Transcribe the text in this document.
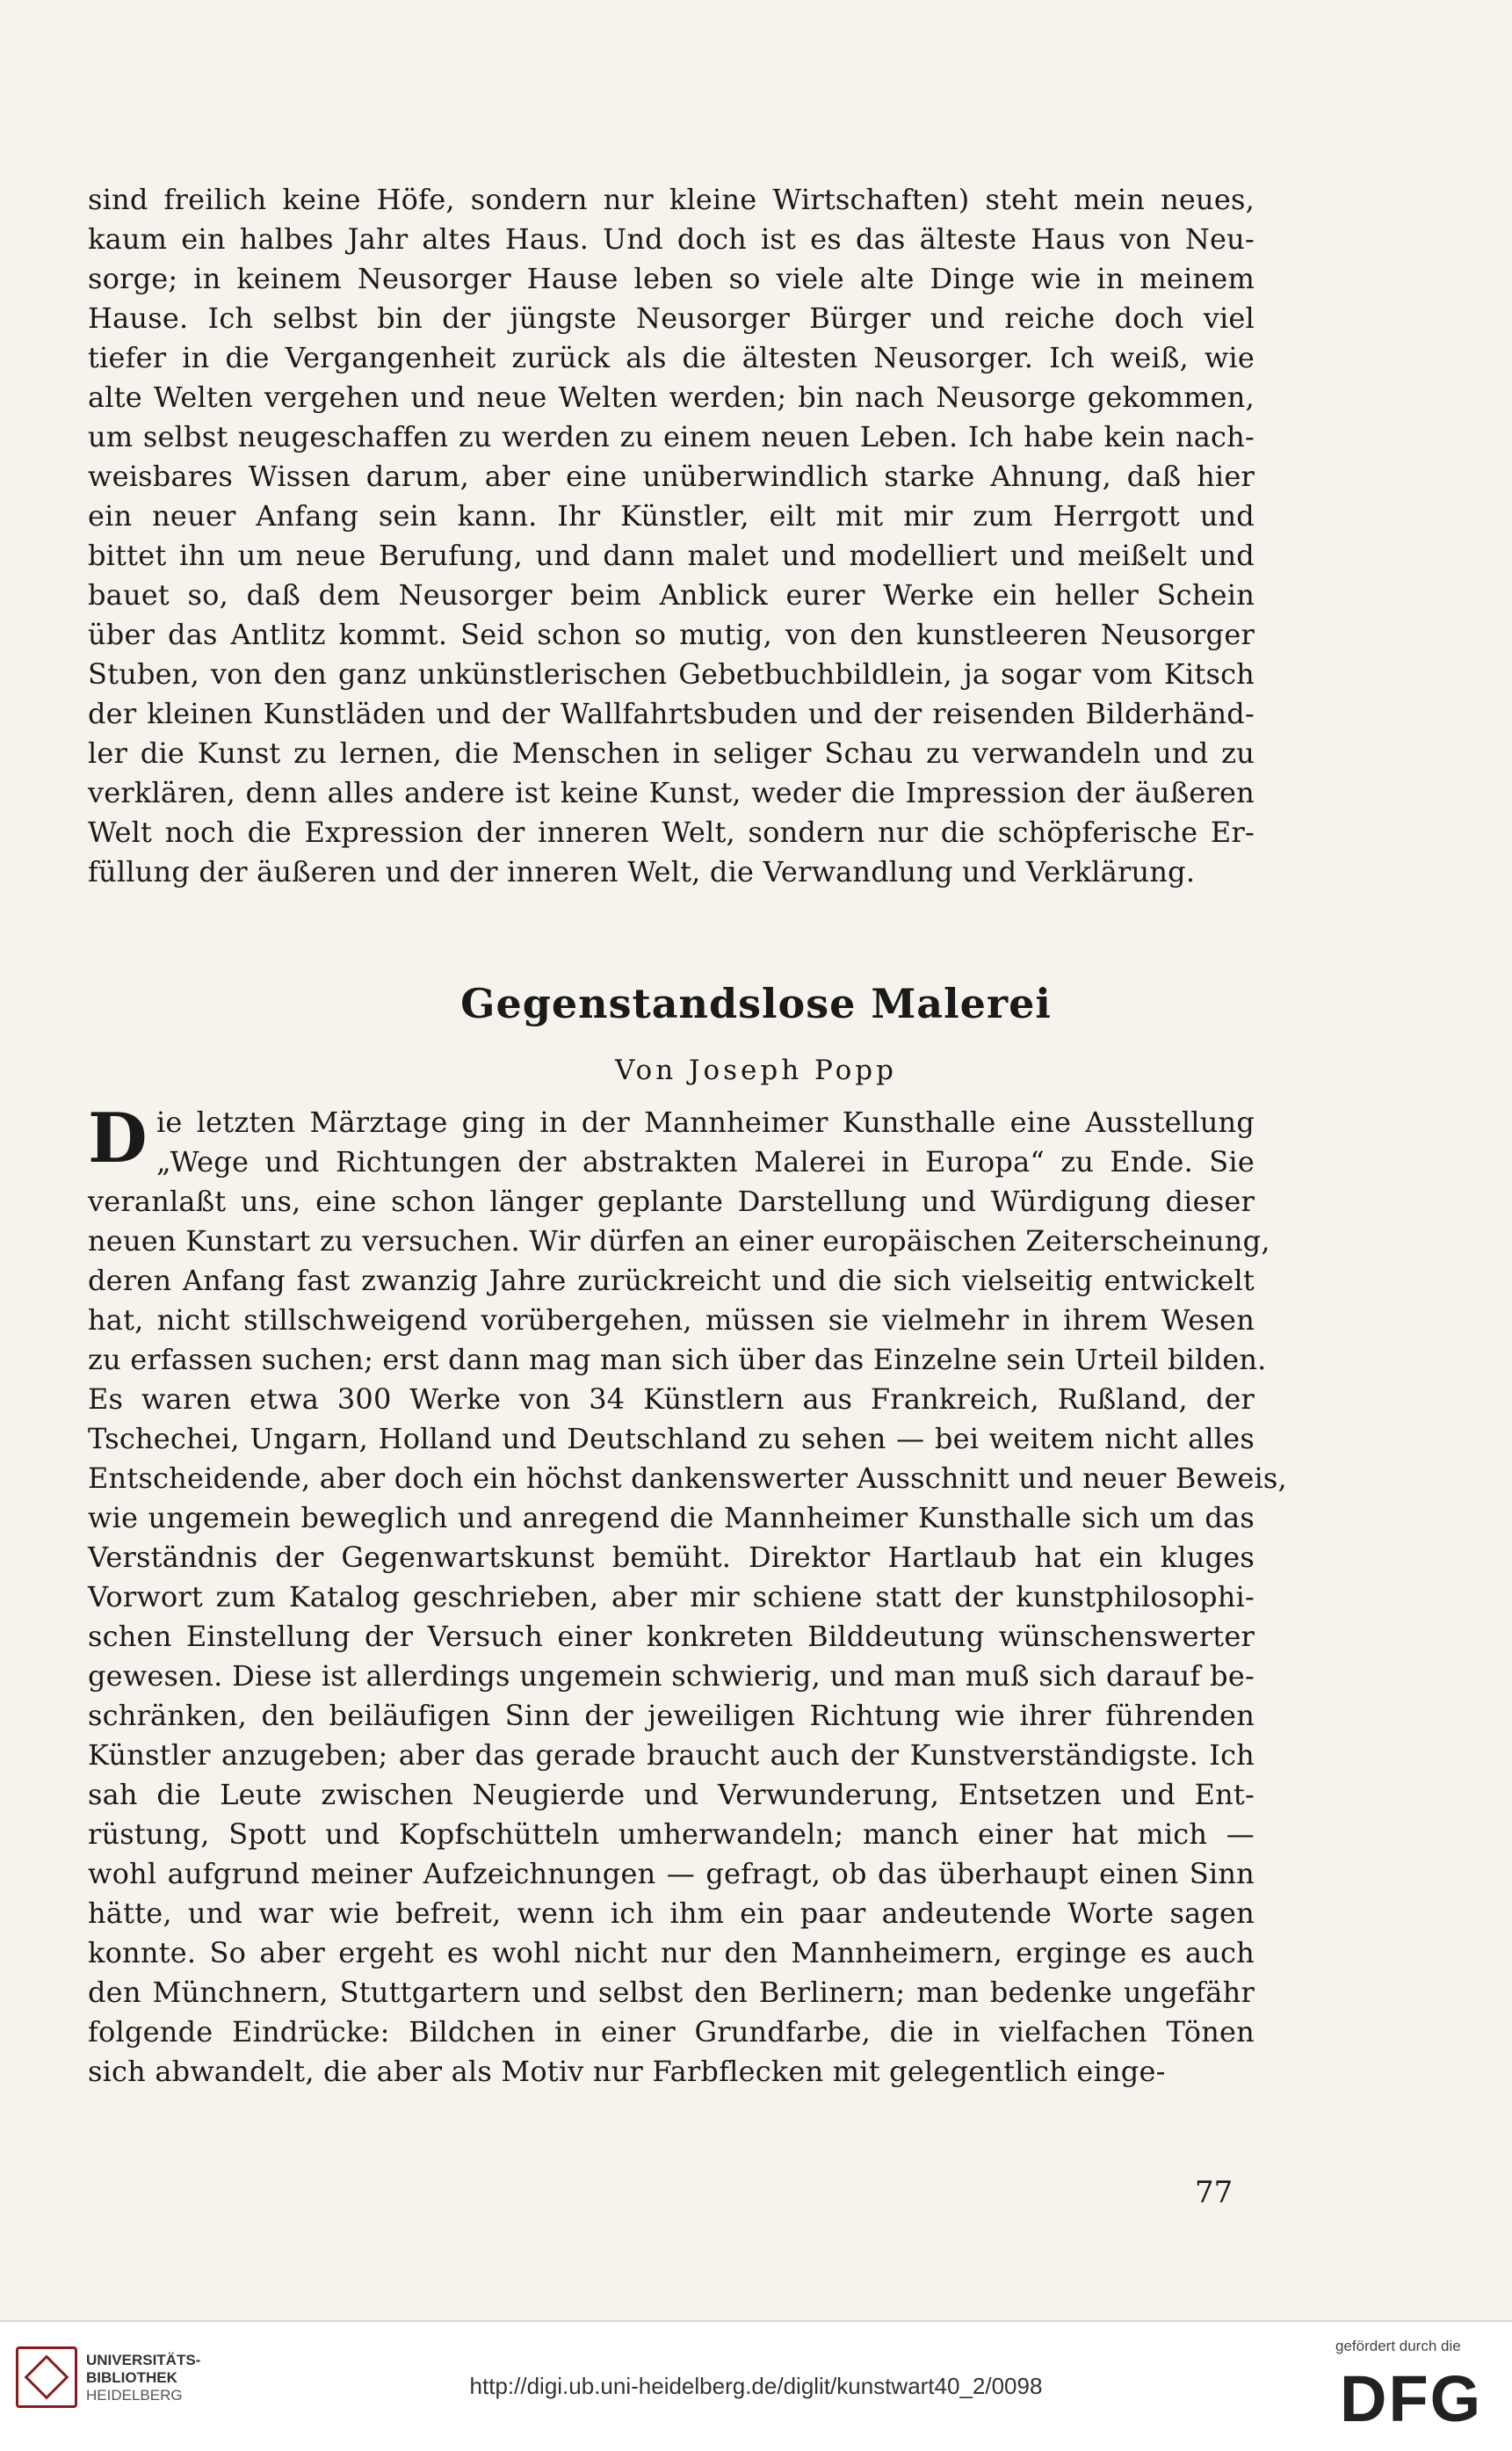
sind freilich keine Höfe, sondern nur kleine Wirtschaften) steht mein neues,
kaum ein halbes Jahr altes Haus. Und doch ist es das älteste Haus von Neu-
sorge; in keinem Neusorger Hause leben so viele alte Dinge wie in meinem
Hause. Ich selbst bin der jüngste Neusorger Bürger und reiche doch viel
tiefer in die Vergangenheit zurück als die ältesten Neusorger. Ich weiß, wie
alte Welten vergehen und neue Welten werden; bin nach Neusorge gekommen,
um selbst neugeschaffen zu werden zu einem neuen Leben. Ich habe kein nach-
weisbares Wissen darum, aber eine unüberwindlich starke Ahnung, daß hier
ein neuer Anfang sein kann. Ihr Künstler, eilt mit mir zum Herrgott und
bittet ihn um neue Berufung, und dann malet und modelliert und meißelt und
bauet so, daß dem Neusorger beim Anblick eurer Werke ein heller Schein
über das Antlitz kommt. Seid schon so mutig, von den kunstleeren Neusorger
Stuben, von den ganz unkünstlerischen Gebetbuchbildlein, ja sogar vom Kitsch
der kleinen Kunstläden und der Wallfahrtsbuden und der reisenden Bilderhänd-
ler die Kunst zu lernen, die Menschen in seliger Schau zu verwandeln und zu
verklären, denn alles andere ist keine Kunst, weder die Impression der äußeren
Welt noch die Expression der inneren Welt, sondern nur die schöpferische Er-
füllung der äußeren und der inneren Welt, die Verwandlung und Verklärung.
Gegenstandslose Malerei
Von Joseph Popp
D ie letzten Märztage ging in der Mannheimer Kunsthalle eine Ausstellung
„Wege und Richtungen der abstrakten Malerei in Europa“ zu Ende. Sie
veranlaßt uns, eine schon länger geplante Darstellung und Würdigung dieser
neuen Kunstart zu versuchen. Wir dürfen an einer europäischen Zeiterscheinung,
deren Anfang fast zwanzig Jahre zurückreicht und die sich vielseitig entwickelt
hat, nicht stillschweigend vorübergehen, müssen sie vielmehr in ihrem Wesen
zu erfassen suchen; erst dann mag man sich über das Einzelne sein Urteil bilden.
Es waren etwa 300 Werke von 34 Künstlern aus Frankreich, Rußland, der
Tschechei, Ungarn, Holland und Deutschland zu sehen — bei weitem nicht alles
Entscheidende, aber doch ein höchst dankenswerter Ausschnitt und neuer Beweis,
wie ungemein beweglich und anregend die Mannheimer Kunsthalle sich um das
Verständnis der Gegenwartskunst bemüht. Direktor Hartlaub hat ein kluges
Vorwort zum Katalog geschrieben, aber mir schiene statt der kunstphilosophi-
schen Einstellung der Versuch einer konkreten Bilddeutung wünschenswerter
gewesen. Diese ist allerdings ungemein schwierig, und man muß sich darauf be-
schränken, den beiläufigen Sinn der jeweiligen Richtung wie ihrer führenden
Künstler anzugeben; aber das gerade braucht auch der Kunstverständigste. Ich
sah die Leute zwischen Neugierde und Verwunderung, Entsetzen und Ent-
rüstung, Spott und Kopfschütteln umherwandeln; manch einer hat mich —
wohl aufgrund meiner Aufzeichnungen — gefragt, ob das überhaupt einen Sinn
hätte, und war wie befreit, wenn ich ihm ein paar andeutende Worte sagen
konnte. So aber ergeht es wohl nicht nur den Mannheimern, erginge es auch
den Münchnern, Stuttgartern und selbst den Berlinern; man bedenke ungefähr
folgende Eindrücke: Bildchen in einer Grundfarbe, die in vielfachen Tönen
sich abwandelt, die aber als Motiv nur Farbflecken mit gelegentlich einge-
77
UNIVERSITÄTS-
BIBLIOTHEK
HEIDELBERG	http://digi.ub.uni-heidelberg.de/diglit/kunstwart40_2/0098
gefördert durch die
DFG
